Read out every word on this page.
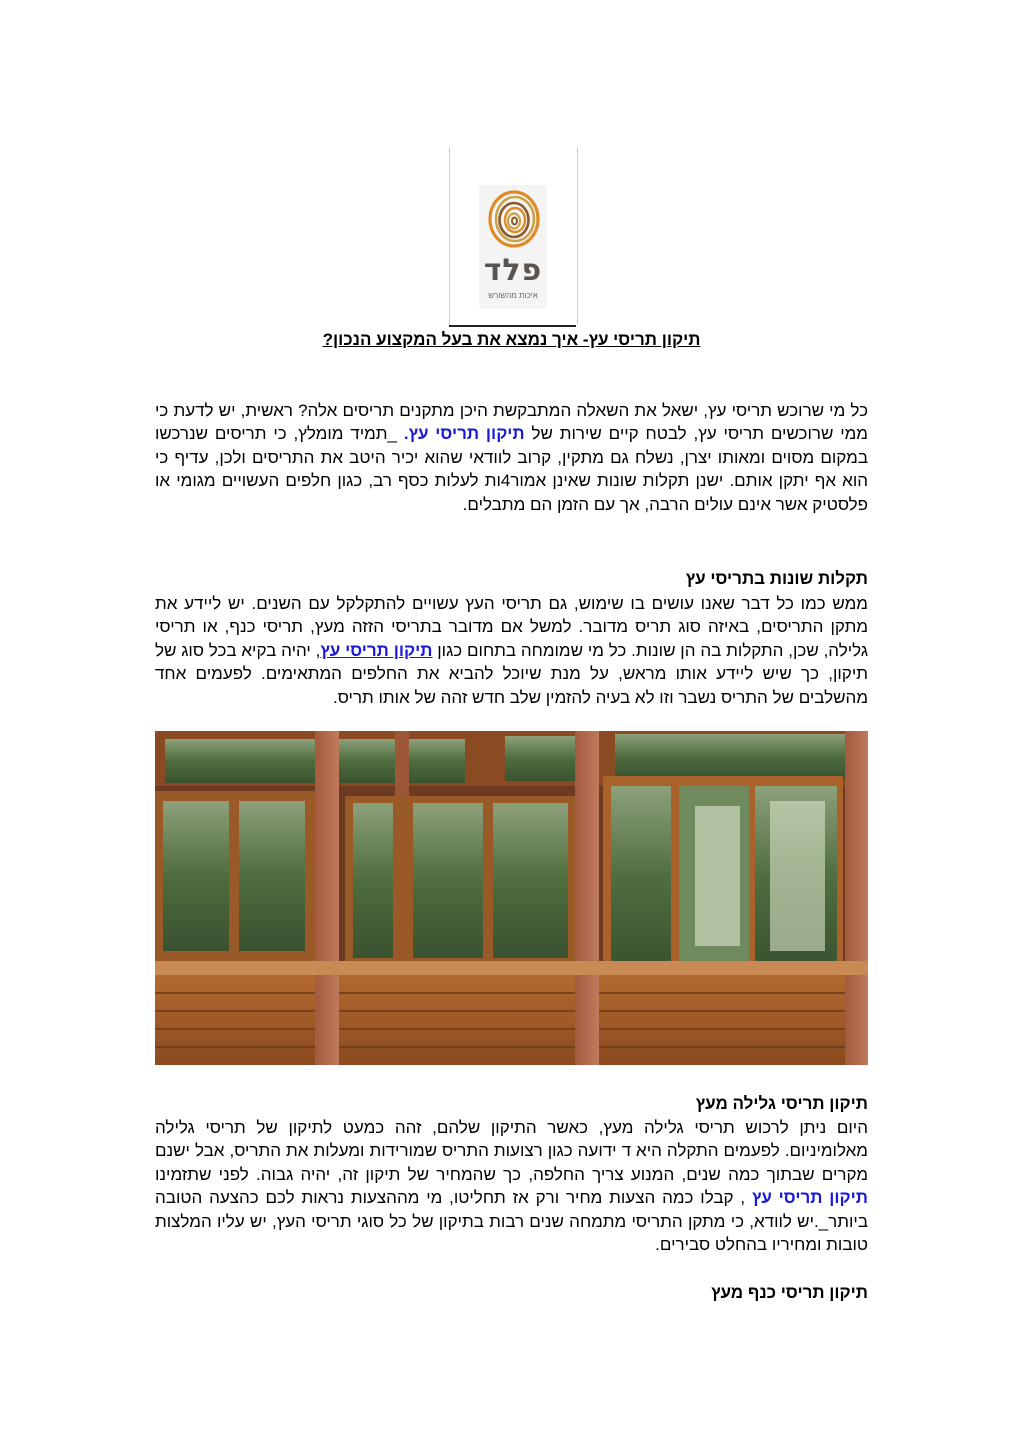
פלד
איכות מהשורש
תיקון תריסי עץ- איך נמצא את בעל המקצוע הנכון?
כל מי שרוכש תריסי עץ, ישאל את השאלה המתבקשת היכן מתקנים תריסים אלה? ראשית, יש לדעת כי ממי שרוכשים תריסי עץ, לבטח קיים שירות של תיקון תריסי עץ. ‏_תמיד מומלץ, כי תריסים שנרכשו במקום מסוים ומאותו יצרן, נשלח גם מתקין, קרוב לוודאי שהוא יכיר היטב את התריסים ולכן, עדיף כי הוא אף יתקן אותם. ישנן תקלות שונות שאינן אמור4ות לעלות כסף רב, כגון חלפים העשויים מגומי או פלסטיק אשר אינם עולים הרבה, אך עם הזמן הם מתבלים.
תקלות שונות בתריסי עץ
ממש כמו כל דבר שאנו עושים בו שימוש, גם תריסי העץ עשויים להתקלקל עם השנים. יש ליידע את מתקן התריסים, באיזה סוג תריס מדובר. למשל אם מדובר בתריסי הזזה מעץ, תריסי כנף, או תריסי גלילה, שכן, התקלות בה הן שונות. כל מי שמומחה בתחום כגון תיקון תריסי עץ, יהיה בקיא בכל סוג של תיקון, כך שיש ליידע אותו מראש, על מנת שיוכל להביא את החלפים המתאימים. לפעמים אחד מהשלבים של התריס נשבר וזו לא בעיה להזמין שלב חדש זהה של אותו תריס.
תיקון תריסי גלילה מעץ
היום ניתן לרכוש תריסי גלילה מעץ, כאשר התיקון שלהם, זהה כמעט לתיקון של תריסי גלילה מאלומיניום. לפעמים התקלה היא ד ידועה כגון רצועות התריס שמורידות ומעלות את התריס, אבל ישנם מקרים שבתוך כמה שנים, המנוע צריך החלפה, כך שהמחיר של תיקון זה, יהיה גבוה. לפני שתזמינו תיקון תריסי עץ , קבלו כמה הצעות מחיר ורק אז תחליטו, מי מההצעות נראות לכם כהצעה הטובה ביותר_.יש לוודא, כי מתקן התריסי מתמחה שנים רבות בתיקון של כל סוגי תריסי העץ, יש עליו המלצות טובות ומחיריו בהחלט סבירים.
תיקון תריסי כנף מעץ
